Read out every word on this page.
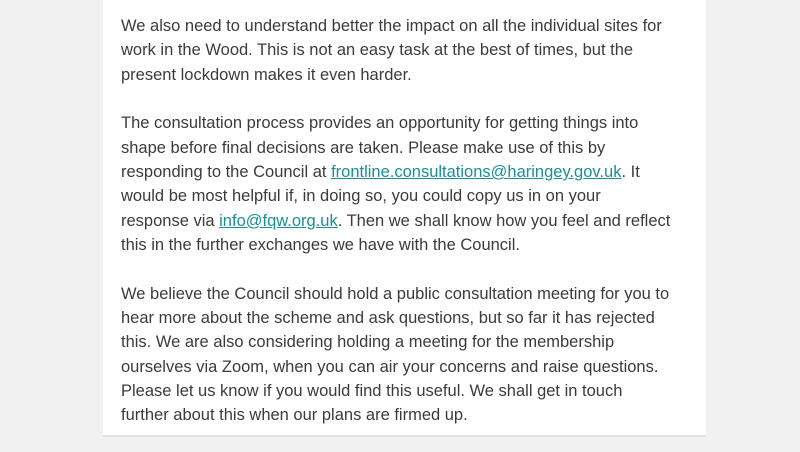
We also need to understand better the impact on all the individual sites for
work in the Wood. This is not an easy task at the best of times, but the
present lockdown makes it even harder.

The consultation process provides an opportunity for getting things into
shape before final decisions are taken. Please make use of this by
responding to the Council at frontline.consultations@haringey.gov.uk. It
would be most helpful if, in doing so, you could copy us in on your
response via info@fqw.org.uk. Then we shall know how you feel and reflect
this in the further exchanges we have with the Council.

We believe the Council should hold a public consultation meeting for you to
hear more about the scheme and ask questions, but so far it has rejected
this. We are also considering holding a meeting for the membership
ourselves via Zoom, when you can air your concerns and raise questions.
Please let us know if you would find this useful. We shall get in touch
further about this when our plans are firmed up.
